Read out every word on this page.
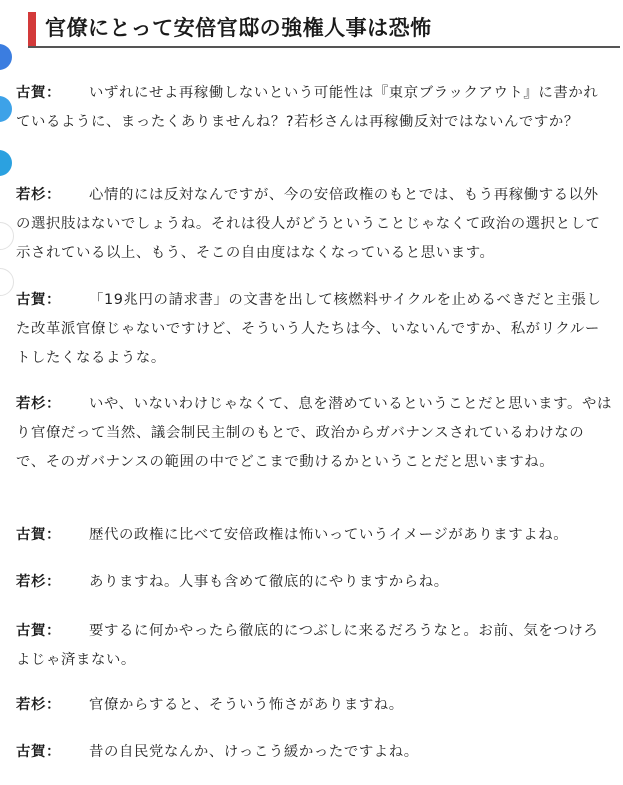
官僚にとって安倍官邸の強権人事は恐怖

古賀： いずれにせよ再稼働しないという可能性は『東京ブラックアウト』に書かれているように、まったくありませんね？?若杉さんは再稼働反対ではないんですか？

若杉： 心情的には反対なんですが、今の安倍政権のもとでは、もう再稼働する以外の選択肢はないでしょうね。それは役人がどうということじゃなくて政治の選択として示されている以上、もう、そこの自由度はなくなっていると思います。

古賀： 「19兆円の請求書」の文書を出して核燃料サイクルを止めるべきだと主張した改革派官僚じゃないですけど、そういう人たちは今、いないんですか、私がリクルートしたくなるような。

若杉： いや、いないわけじゃなくて、息を潜めているということだと思います。やはり官僚だって当然、議会制民主制のもとで、政治からガバナンスされているわけなので、そのガバナンスの範囲の中でどこまで動けるかということだと思いますね。

古賀： 歴代の政権に比べて安倍政権は怖いっていうイメージがありますよね。

若杉： ありますね。人事も含めて徹底的にやりますからね。

古賀： 要するに何かやったら徹底的につぶしに来るだろうなと。お前、気をつけろよじゃ済まない。

若杉： 官僚からすると、そういう怖さがありますね。

古賀： 昔の自民党なんか、けっこう緩かったですよね。
